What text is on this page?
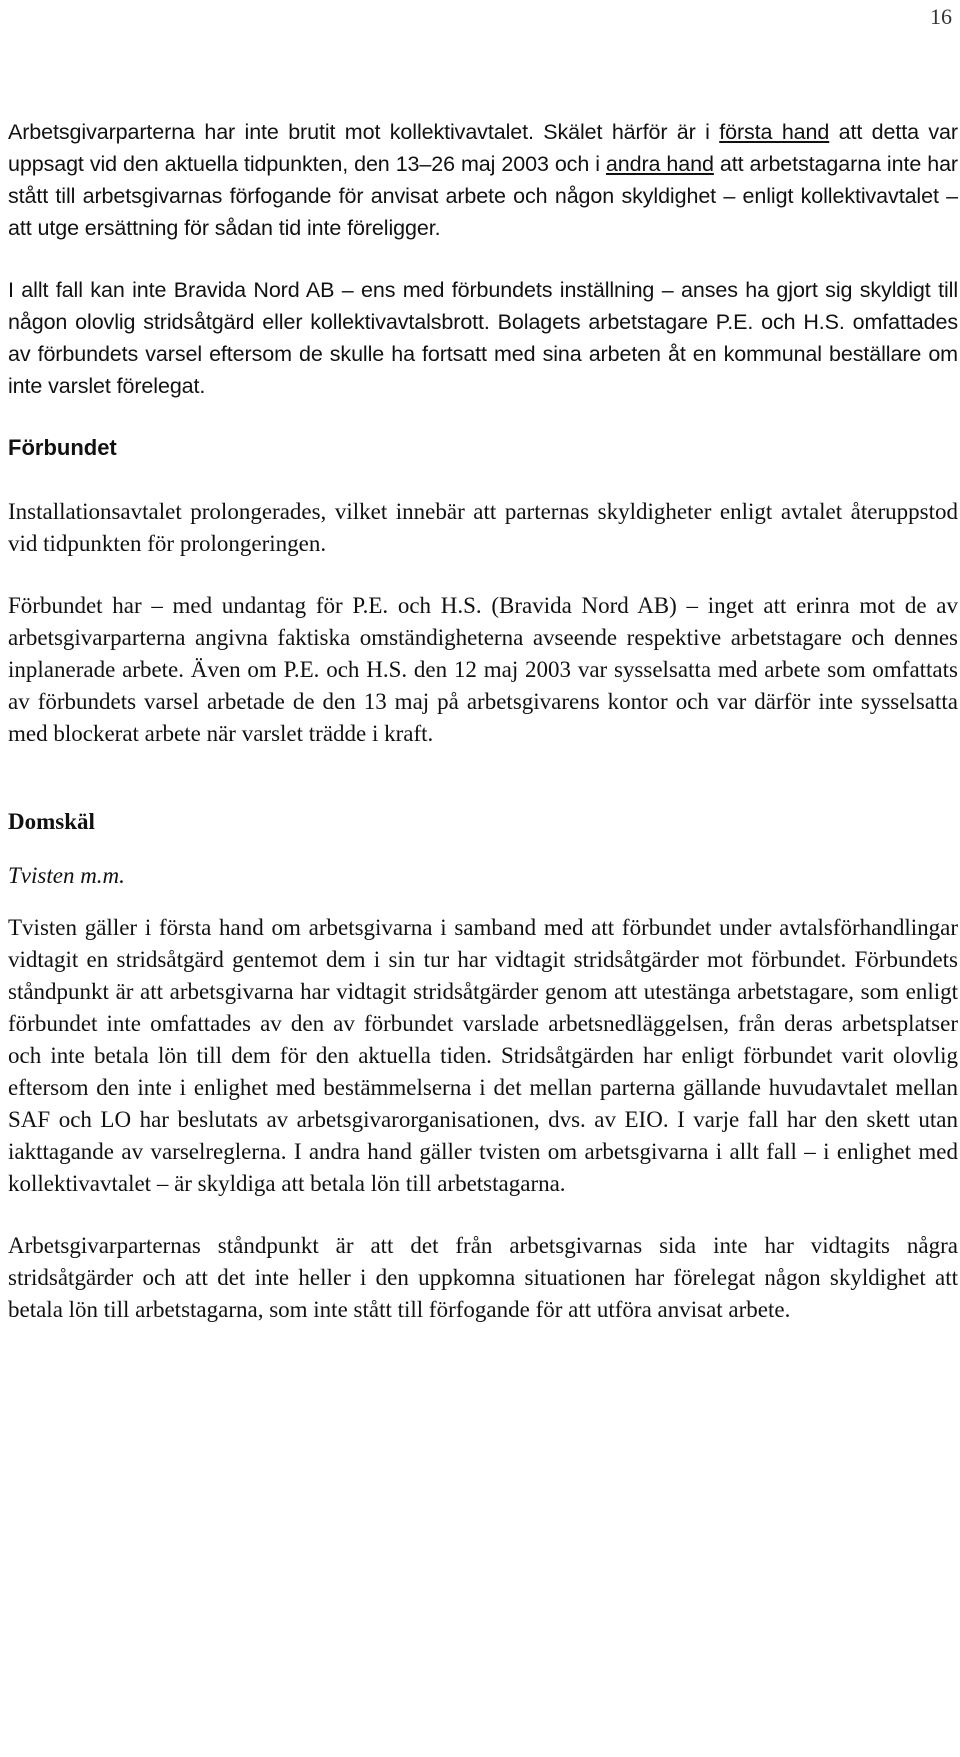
16

Arbetsgivarparterna har inte brutit mot kollektivavtalet. Skälet härför är i första hand att detta var uppsagt vid den aktuella tidpunkten, den 13–26 maj 2003 och i andra hand att arbetstagarna inte har stått till arbetsgivarnas förfogande för anvisat arbete och någon skyldighet – enligt kollektivavtalet – att utge ersättning för sådan tid inte föreligger.

I allt fall kan inte Bravida Nord AB – ens med förbundets inställning – anses ha gjort sig skyldigt till någon olovlig stridsåtgärd eller kollektivavtalsbrott. Bolagets arbetstagare P.E. och H.S. omfattades av förbundets varsel eftersom de skulle ha fortsatt med sina arbeten åt en kommunal beställare om inte varslet förelegat.

Förbundet

Installationsavtalet prolongerades, vilket innebär att parternas skyldigheter enligt avtalet återuppstod vid tidpunkten för prolongeringen.

Förbundet har – med undantag för P.E. och H.S. (Bravida Nord AB) – inget att erinra mot de av arbetsgivarparterna angivna faktiska omständigheterna avseende respektive arbetstagare och dennes inplanerade arbete. Även om P.E. och H.S. den 12 maj 2003 var sysselsatta med arbete som omfattats av förbundets varsel arbetade de den 13 maj på arbetsgivarens kontor och var därför inte sysselsatta med blockerat arbete när varslet trädde i kraft.

Domskäl
Tvisten m.m.

Tvisten gäller i första hand om arbetsgivarna i samband med att förbundet under avtalsförhandlingar vidtagit en stridsåtgärd gentemot dem i sin tur har vidtagit stridsåtgärder mot förbundet. Förbundets ståndpunkt är att arbetsgivarna har vidtagit stridsåtgärder genom att utestänga arbetstagare, som enligt förbundet inte omfattades av den av förbundet varslade arbetsnedläggelsen, från deras arbetsplatser och inte betala lön till dem för den aktuella tiden. Stridsåtgärden har enligt förbundet varit olovlig eftersom den inte i enlighet med bestämmelserna i det mellan parterna gällande huvudavtalet mellan SAF och LO har beslutats av arbetsgivarorganisationen, dvs. av EIO. I varje fall har den skett utan iakttagande av varselreglerna. I andra hand gäller tvisten om arbetsgivarna i allt fall – i enlighet med kollektivavtalet – är skyldiga att betala lön till arbetstagarna.

Arbetsgivarparternas ståndpunkt är att det från arbetsgivarnas sida inte har vidtagits några stridsåtgärder och att det inte heller i den uppkomna situationen har förelegat någon skyldighet att betala lön till arbetstagarna, som inte stått till förfogande för att utföra anvisat arbete.
